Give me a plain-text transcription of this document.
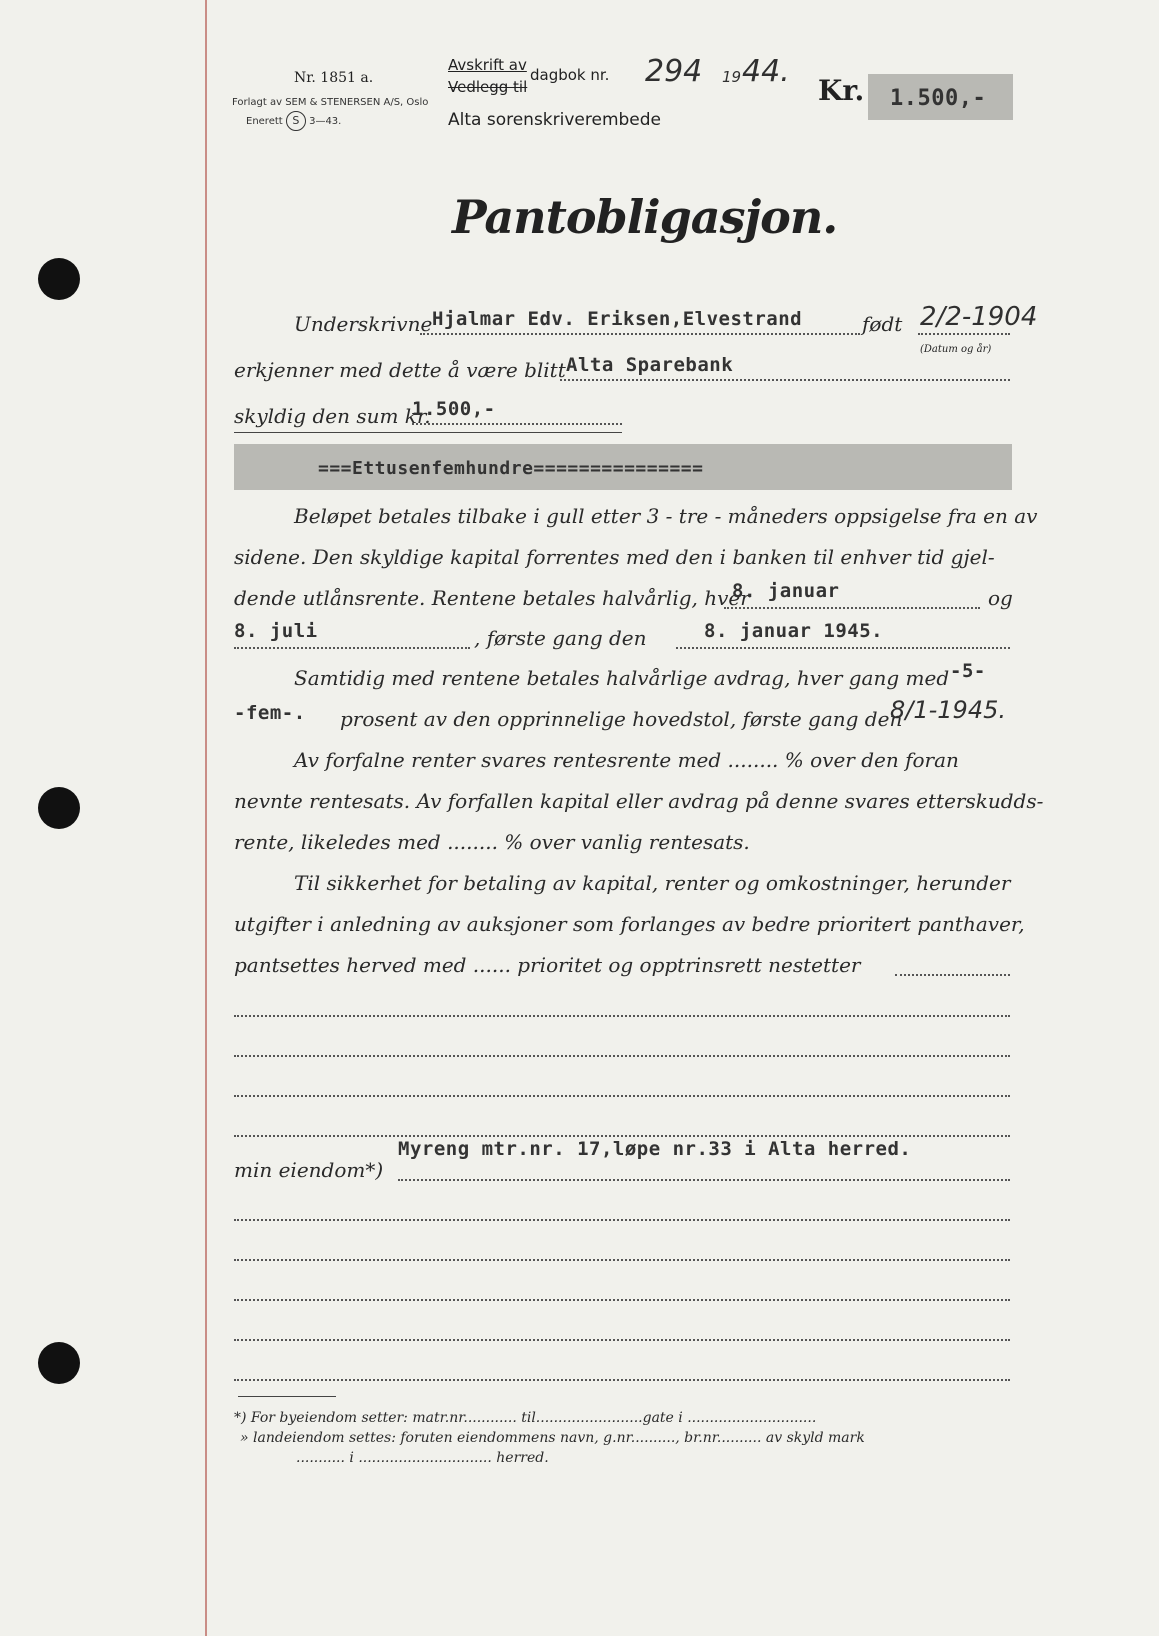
Nr. 1851 a.
Forlagt av SEM & STENERSEN A/S, Oslo
Enerett S 3—43.
Avskrift av
Vedlegg til
dagbok nr. 294 19 44.
Alta sorenskriverembede
Kr. 1.500,-
Pantobligasjon.
Underskrivne Hjalmar Edv. Eriksen,Elvestrand	født 2/2-1904
(Datum og år)
erkjenner med dette å være blitt Alta Sparebank
skyldig den sum kr.
1.500,-
===Ettusenfemhundre===============
Beløpet betales tilbake i gull etter 3 - tre - måneders oppsigelse fra en av
sidene. Den skyldige kapital forrentes med den i banken til enhver tid gjel-
dende utlånsrente. Rentene betales halvårlig, hver
8. januar	og
8. juli	, første gang den	8. januar 1945.
Samtidig med rentene betales halvårlige avdrag, hver gang med -5-
-fem-. prosent av den opprinnelige hovedstol, første gang den
8/1-1945.
Av forfalne renter svares rentesrente med ........ % over den foran
nevnte rentesats. Av forfallen kapital eller avdrag på denne svares etterskudds-
rente, likeledes med ........ % over vanlig rentesats.
Til sikkerhet for betaling av kapital, renter og omkostninger, herunder
utgifter i anledning av auksjoner som forlanges av bedre prioritert panthaver,
pantsettes herved med ...... prioritet og opptrinsrett nestetter
Myreng mtr.nr. 17,løpe nr.33 i Alta herred.
min eiendom*)
*) For byeiendom setter: matr.nr............ til........................gate i .............................
» landeiendom settes: foruten eiendommens navn, g.nr.........., br.nr.......... av skyld mark
........... i .............................. herred.
